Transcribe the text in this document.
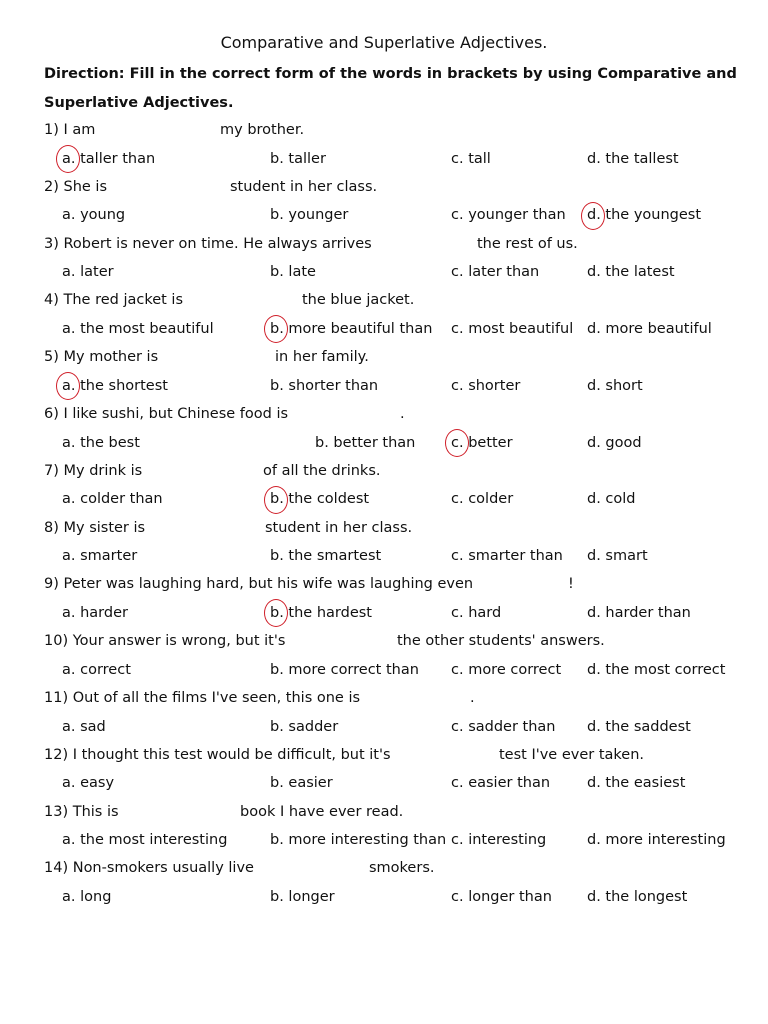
Comparative and Superlative Adjectives.
Direction: Fill in the correct form of the words in brackets by using Comparative and Superlative Adjectives.
1) I am	my brother.
a. taller than	b. taller	c. tall	d. the tallest
2) She is	student in her class.
a. young	b. younger	c. younger than d. the youngest
3) Robert is never on time. He always arrives	the rest of us.
a. later	b. late	c. later than	d. the latest
4) The red jacket is	the blue jacket.
a. the most beautiful	b. more beautiful than c. most beautiful d. more beautiful
5) My mother is	in her family.
a. the shortest	b. shorter than	c. shorter	d. short
6) I like sushi, but Chinese food is	.
a. the best	b. better than c. better	d. good
7) My drink is	of all the drinks.
a. colder than	b. the coldest	c. colder	d. cold
8) My sister is	student in her class.
a. smarter	b. the smartest	c. smarter than d. smart
9) Peter was laughing hard, but his wife was laughing even	!
a. harder	b. the hardest	c. hard	d. harder than
10) Your answer is wrong, but it's	the other students' answers.
a. correct	b. more correct than c. more correct d. the most correct
11) Out of all the films I've seen, this one is	.
a. sad	b. sadder	c. sadder than d. the saddest
12) I thought this test would be difficult, but it's	test I've ever taken.
a. easy	b. easier	c. easier than	d. the easiest
13) This is	book I have ever read.
a. the most interesting	b. more interesting than c. interesting	d. more interesting
14) Non-smokers usually live	smokers.
a. long	b. longer	c. longer than d. the longest
